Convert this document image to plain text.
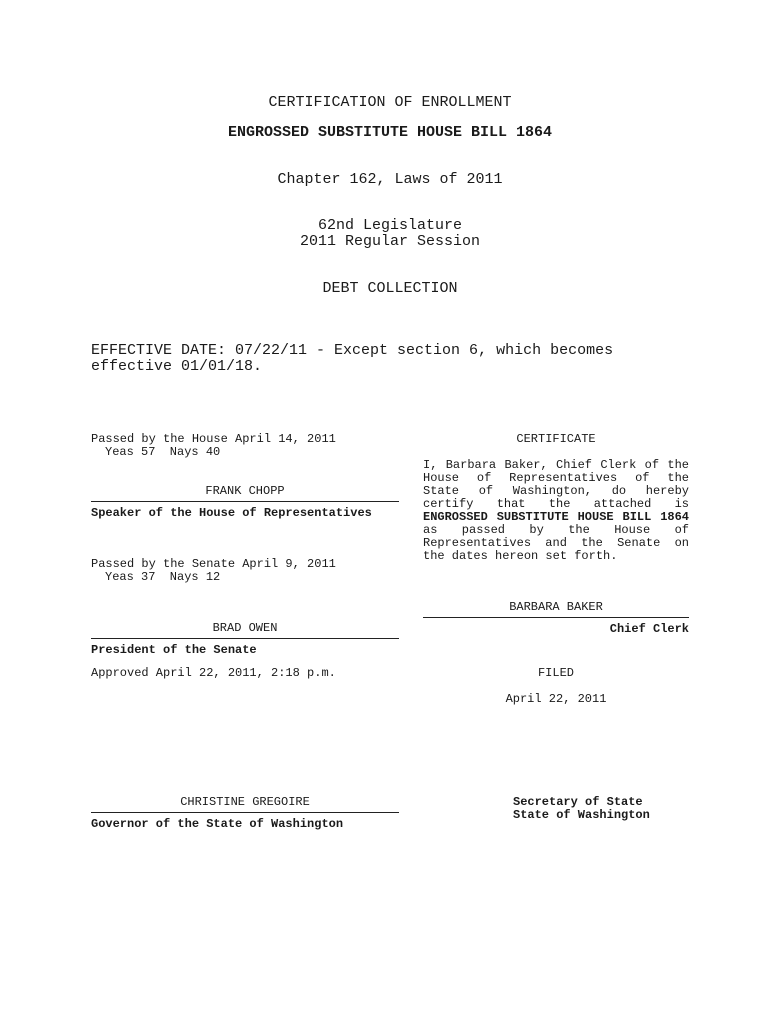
CERTIFICATION OF ENROLLMENT
ENGROSSED SUBSTITUTE HOUSE BILL 1864
Chapter 162, Laws of 2011
62nd Legislature
2011 Regular Session
DEBT COLLECTION
EFFECTIVE DATE: 07/22/11 - Except section 6, which becomes
effective 01/01/18.
Passed by the House April 14, 2011
Yeas 57  Nays 40
FRANK CHOPP
Speaker of the House of Representatives
Passed by the Senate April 9, 2011
Yeas 37  Nays 12
BRAD OWEN
President of the Senate
Approved April 22, 2011, 2:18 p.m.
CHRISTINE GREGOIRE
Governor of the State of Washington
CERTIFICATE
I, Barbara Baker, Chief Clerk of the House of Representatives of the State of Washington, do hereby certify that the attached is ENGROSSED SUBSTITUTE HOUSE BILL 1864 as passed by the House of Representatives and the Senate on the dates hereon set forth.
BARBARA BAKER
Chief Clerk
FILED
April 22, 2011
Secretary of State
State of Washington
